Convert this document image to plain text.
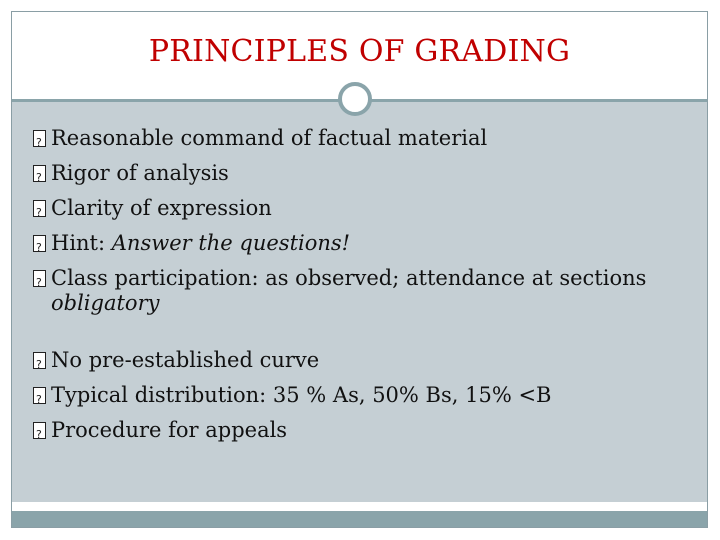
PRINCIPLES OF GRADING
?
Reasonable command of factual material
?
Rigor of analysis
?
Clarity of expression
?
Hint: Answer the questions!
?
Class participation: as observed; attendance at sections obligatory
?
No pre-established curve
?
Typical distribution: 35 % As, 50% Bs, 15% <B
?
Procedure for appeals
